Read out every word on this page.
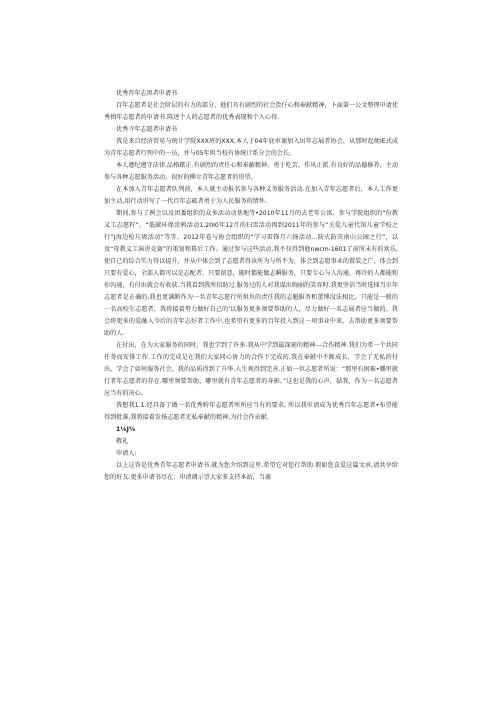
优秀晋年志黑者申请书
百年志愿者是社会阶层的有力的部分，他们具有剧烈的社会货仔心和奉献精神，卜面第一公文整理申请优秀揖年志愿者的申请书.陈述个人的志愿者的优秀表现和个人心得.
优秀寺年志愿者申请书
我是来自经济贸易与统计学院XXX班的XXX,本人于04年底审谢加入出年志展者协会，从那时起便IE式成为青年志愿者行列中的一员，并与05年担当校有协统计系分会的会长。
本人遵纪遵守法律.品格踮正.有剧烈的责任心和奉蔽精神，勇于吃苦，作风正派.有良好的品德修养，主动参与各种志愿服务活动，很好的柳立青年志愿者的形望.
在本加入青年志愿者队列前，本人就主动报名参与各种义务服务活动.在加入青年志愿者后，本人工作更加主动,用行动讲写了一代百年志砥者勇于为人民服务的情怀.
期间,参与了例会以及团委组织的众多活动动基地等•2010年11月的去老年公寓、参与学院组织的“份教义工志愿籽”、“低碳环保涂鸦活动1.20I0年12月的扫雪活动再到2011年的参与“关爱儿童代馆儿童学校之行”J海边检垃圾活动”等等。2012年卷与协会组织的“学习雷锋月六扬活动...防火防灾南山公园之行”，以及“母教义工演讲竞赛”的策划和幕后工作。通过参与这些活动,我不仅得到他nwcm-1601了前所未有的欢乐,使自己的综合实力得以提升，并从中体会到了志愿者得该所为与所不为，体会到志愿事业的置装之广，体会到只要有爱心，全部人都可以是志配者，只要留意，随时都能做志瞬服务，只要专心与人沟通，再冷的人都能和你沟通，有付出就会有收获.当我看到我所招助过.服务过的人对我谋出絢丽的笑容时.我更坚信当时选择当市年志愿者是正确的.我也更满断作为一名青年志愿行所担负的责任我的志魁服务和蕾博没法相比，只能是一般的一名高校生志愿者，我将接着努力做好自己的'以服务更多须要帮助的人，尽力做好一名志展者应当做的。我会将更多的爱融入今后的青年志好者工作中,也希望有更多的百年投入到这一项事业中来，去帮助更多须要帮助的人.
在付出，在为大家服务的同时，我也学到了许多.我从中学到最深刻的精神---合作精神.我们为希一个共同任务而安排工作.工作的完成是在我们大家同心协力的合作下完成的,我在奉献中不断成长，学会了无私的付出，学会了如何服务社会。我的品质得到了升华.人生观得到完善.正如一位志愿者所说：“那里有困难•哪里就行者年志愿者的存在.哪里须要帮助，哪里就有青年志愿者的身影。”这也是我的心声，砧我，作为一名志愿者应当有的决心。
我想我1.1.经具备了做一名优秀畤年志愿者所所应当有的要求, 所以我申请成为优秀百年志愿者•布望能得到批准,我将接着发扬志愿者无私奉献的精神,为社会作贡献.
1⅛J⅜
敬礼
申请人:
以上这答是优秀青年志愿者申请书.就为您介绍到这里.希望它对您行帮助.假如您喜爱这篇文承,请共享给您的好友.更多申请书尽在：申请调示望大家多支持本站，当谢
